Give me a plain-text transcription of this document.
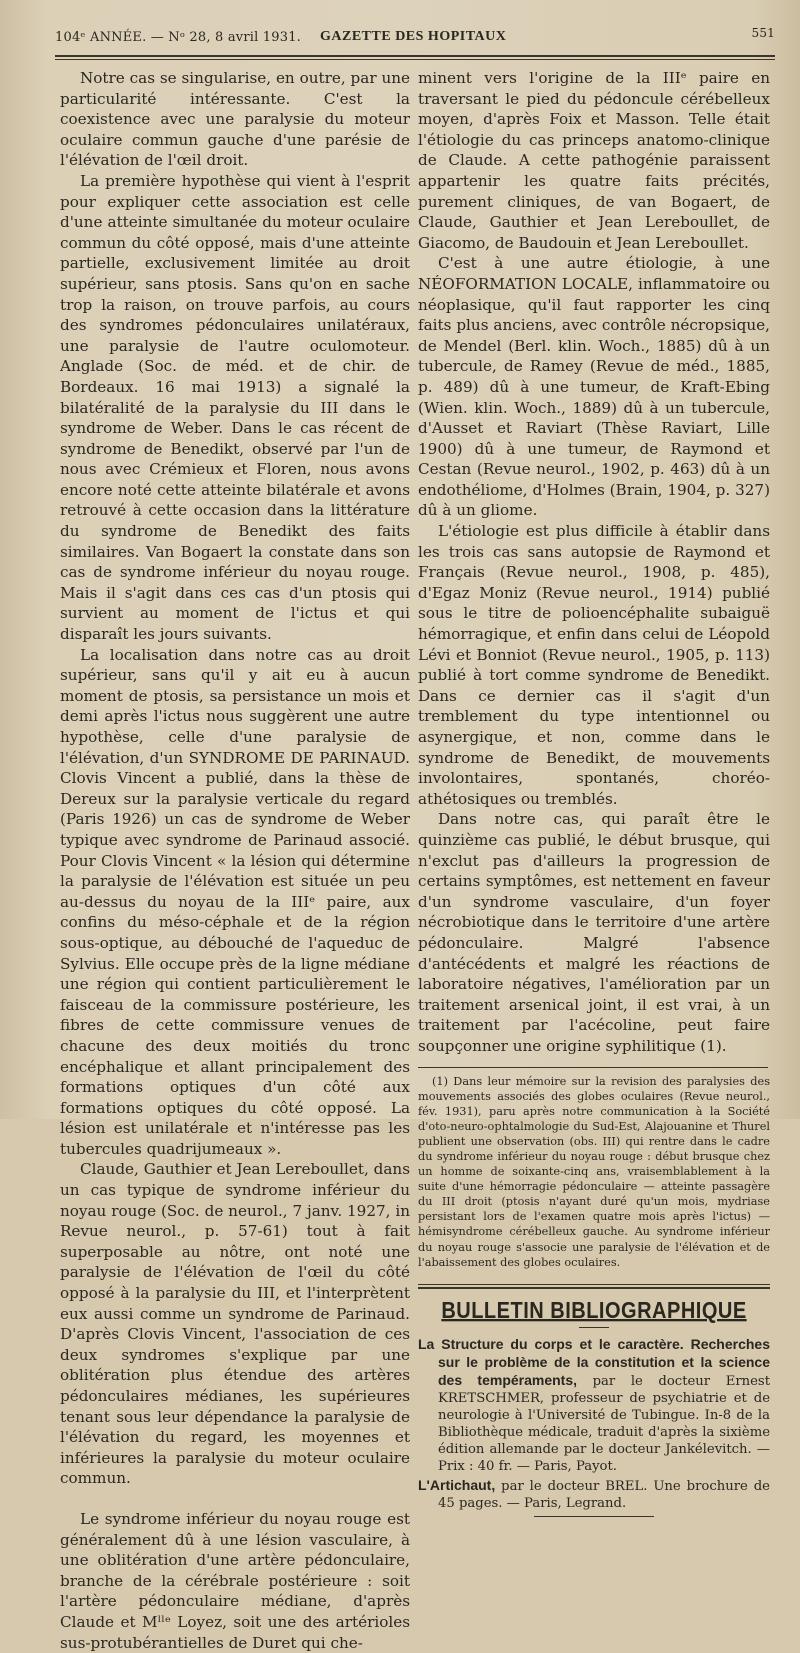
104ᵉ ANNÉE. — Nᵒ 28, 8 avril 1931. GAZETTE DES HOPITAUX	551

Notre cas se singularise, en outre, par une particularité intéressante. C'est la coexistence avec une paralysie du moteur oculaire commun gauche d'une parésie de l'élévation de l'œil droit.

La première hypothèse qui vient à l'esprit pour expliquer cette association est celle d'une atteinte simultanée du moteur oculaire commun du côté opposé, mais d'une atteinte partielle, exclusivement limitée au droit supérieur, sans ptosis. Sans qu'on en sache trop la raison, on trouve parfois, au cours des syndromes pédonculaires unilatéraux, une paralysie de l'autre oculomoteur. Anglade (Soc. de méd. et de chir. de Bordeaux. 16 mai 1913) a signalé la bilatéralité de la paralysie du III dans le syndrome de Weber. Dans le cas récent de syndrome de Benedikt, observé par l'un de nous avec Crémieux et Floren, nous avons encore noté cette atteinte bilatérale et avons retrouvé à cette occasion dans la littérature du syndrome de Benedikt des faits similaires. Van Bogaert la constate dans son cas de syndrome inférieur du noyau rouge. Mais il s'agit dans ces cas d'un ptosis qui survient au moment de l'ictus et qui disparaît les jours suivants.

La localisation dans notre cas au droit supérieur, sans qu'il y ait eu à aucun moment de ptosis, sa persistance un mois et demi après l'ictus nous suggèrent une autre hypothèse, celle d'une paralysie de l'élévation, d'un SYNDROME DE PARINAUD. Clovis Vincent a publié, dans la thèse de Dereux sur la paralysie verticale du regard (Paris 1926) un cas de syndrome de Weber typique avec syndrome de Parinaud associé. Pour Clovis Vincent « la lésion qui détermine la paralysie de l'élévation est située un peu au-dessus du noyau de la IIIᵉ paire, aux confins du méso-céphale et de la région sous-optique, au débouché de l'aqueduc de Sylvius. Elle occupe près de la ligne médiane une région qui contient particulièrement le faisceau de la commissure postérieure, les fibres de cette commissure venues de chacune des deux moitiés du tronc encéphalique et allant principalement des formations optiques d'un côté aux formations optiques du côté opposé. La lésion est unilatérale et n'intéresse pas les tubercules quadrijumeaux ».

Claude, Gauthier et Jean Lereboullet, dans un cas typique de syndrome inférieur du noyau rouge (Soc. de neurol., 7 janv. 1927, in Revue neurol., p. 57-61) tout à fait superposable au nôtre, ont noté une paralysie de l'élévation de l'œil du côté opposé à la paralysie du III, et l'interprètent eux aussi comme un syndrome de Parinaud. D'après Clovis Vincent, l'association de ces deux syndromes s'explique par une oblitération plus étendue des artères pédonculaires médianes, les supérieures tenant sous leur dépendance la paralysie de l'élévation du regard, les moyennes et inférieures la paralysie du moteur oculaire commun.

Le syndrome inférieur du noyau rouge est généralement dû à une lésion vasculaire, à une oblitération d'une artère pédonculaire, branche de la cérébrale postérieure : soit l'artère pédonculaire médiane, d'après Claude et Mˡˡᵉ Loyez, soit une des artérioles sus-protubérantielles de Duret qui che-

minent vers l'origine de la IIIᵉ paire en traversant le pied du pédoncule cérébelleux moyen, d'après Foix et Masson. Telle était l'étiologie du cas princeps anatomo-clinique de Claude. A cette pathogénie paraissent appartenir les quatre faits précités, purement cliniques, de van Bogaert, de Claude, Gauthier et Jean Lereboullet, de Giacomo, de Baudouin et Jean Lereboullet.

C'est à une autre étiologie, à une NÉOFORMATION LOCALE, inflammatoire ou néoplasique, qu'il faut rapporter les cinq faits plus anciens, avec contrôle nécropsique, de Mendel (Berl. klin. Woch., 1885) dû à un tubercule, de Ramey (Revue de méd., 1885, p. 489) dû à une tumeur, de Kraft-Ebing (Wien. klin. Woch., 1889) dû à un tubercule, d'Ausset et Raviart (Thèse Raviart, Lille 1900) dû à une tumeur, de Raymond et Cestan (Revue neurol., 1902, p. 463) dû à un endothéliome, d'Holmes (Brain, 1904, p. 327) dû à un gliome.

L'étiologie est plus difficile à établir dans les trois cas sans autopsie de Raymond et Français (Revue neurol., 1908, p. 485), d'Egaz Moniz (Revue neurol., 1914) publié sous le titre de polioencéphalite subaiguë hémorragique, et enfin dans celui de Léopold Lévi et Bonniot (Revue neurol., 1905, p. 113) publié à tort comme syndrome de Benedikt. Dans ce dernier cas il s'agit d'un tremblement du type intentionnel ou asynergique, et non, comme dans le syndrome de Benedikt, de mouvements involontaires, spontanés, choréo-athétosiques ou tremblés.

Dans notre cas, qui paraît être le quinzième cas publié, le début brusque, qui n'exclut pas d'ailleurs la progression de certains symptômes, est nettement en faveur d'un syndrome vasculaire, d'un foyer nécrobiotique dans le territoire d'une artère pédonculaire. Malgré l'absence d'antécédents et malgré les réactions de laboratoire négatives, l'amélioration par un traitement arsenical joint, il est vrai, à un traitement par l'acécoline, peut faire soupçonner une origine syphilitique (1).

(1) Dans leur mémoire sur la revision des paralysies des mouvements associés des globes oculaires (Revue neurol., fév. 1931), paru après notre communication à la Société d'oto-neuro-ophtalmologie du Sud-Est, Alajouanine et Thurel publient une observation (obs. III) qui rentre dans le cadre du syndrome inférieur du noyau rouge : début brusque chez un homme de soixante-cinq ans, vraisemblablement à la suite d'une hémorragie pédonculaire — atteinte passagère du III droit (ptosis n'ayant duré qu'un mois, mydriase persistant lors de l'examen quatre mois après l'ictus) — hémisyndrome cérébelleux gauche. Au syndrome inférieur du noyau rouge s'associe une paralysie de l'élévation et de l'abaissement des globes oculaires.

BULLETIN BIBLIOGRAPHIQUE

La Structure du corps et le caractère. Recherches sur le problème de la constitution et la science des tempéraments, par le docteur Ernest KRETSCHMER, professeur de psychiatrie et de neurologie à l'Université de Tubingue. In-8 de la Bibliothèque médicale, traduit d'après la sixième édition allemande par le docteur Jankélevitch. — Prix : 40 fr. — Paris, Payot.

L'Artichaut, par le docteur BREL. Une brochure de 45 pages. — Paris, Legrand.
